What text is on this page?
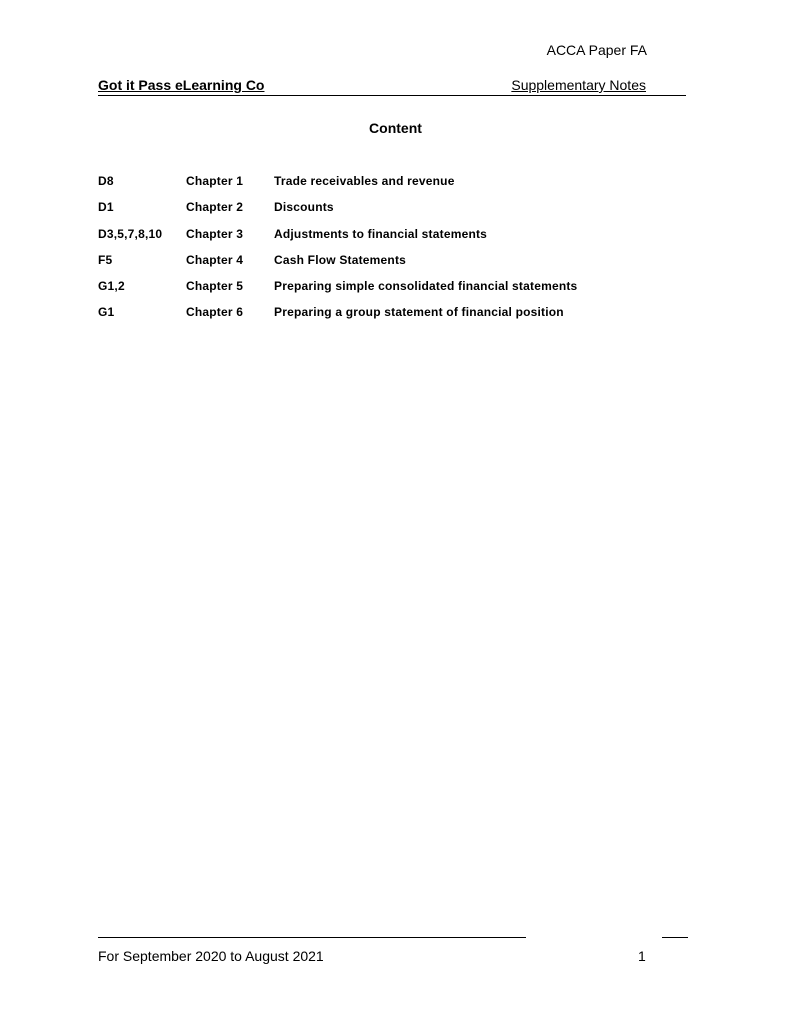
ACCA Paper FA
Got it Pass eLearning Co	Supplementary Notes
Content
D8	Chapter 1	Trade receivables and revenue
D1	Chapter 2	Discounts
D3,5,7,8,10	Chapter 3	Adjustments to financial statements
F5	Chapter 4	Cash Flow Statements
G1,2	Chapter 5	Preparing simple consolidated financial statements
G1	Chapter 6	Preparing a group statement of financial position
For September 2020 to August 2021	1
